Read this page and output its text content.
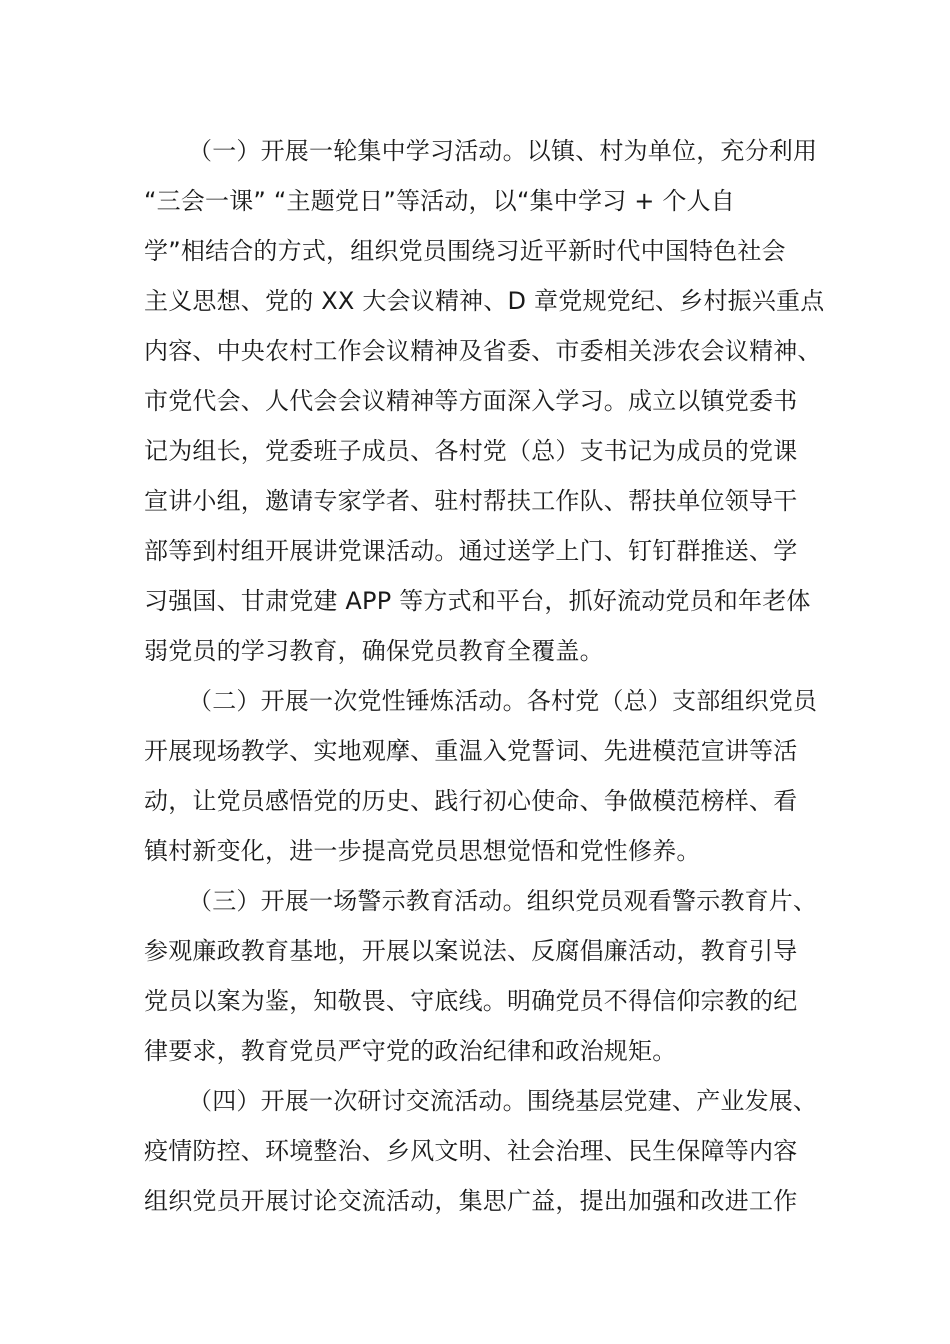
（一）开展一轮集中学习活动。以镇、村为单位，充分利用
“三会一课” “主题党日”等活动，以“集中学习 + 个人自
学”相结合的方式，组织党员围绕习近平新时代中国特色社会
主义思想、党的 XX 大会议精神、D 章党规党纪、乡村振兴重点
内容、中央农村工作会议精神及省委、市委相关涉农会议精神、
市党代会、人代会会议精神等方面深入学习。成立以镇党委书
记为组长，党委班子成员、各村党（总）支书记为成员的党课
宣讲小组，邀请专家学者、驻村帮扶工作队、帮扶单位领导干
部等到村组开展讲党课活动。通过送学上门、钉钉群推送、学
习强国、甘肃党建 APP 等方式和平台，抓好流动党员和年老体
弱党员的学习教育，确保党员教育全覆盖。
（二）开展一次党性锤炼活动。各村党（总）支部组织党员
开展现场教学、实地观摩、重温入党誓词、先进模范宣讲等活
动，让党员感悟党的历史、践行初心使命、争做模范榜样、看
镇村新变化，进一步提高党员思想觉悟和党性修养。
（三）开展一场警示教育活动。组织党员观看警示教育片、
参观廉政教育基地，开展以案说法、反腐倡廉活动，教育引导
党员以案为鉴，知敬畏、守底线。明确党员不得信仰宗教的纪
律要求，教育党员严守党的政治纪律和政治规矩。
（四）开展一次研讨交流活动。围绕基层党建、产业发展、
疫情防控、环境整治、乡风文明、社会治理、民生保障等内容
组织党员开展讨论交流活动，集思广益，提出加强和改进工作
